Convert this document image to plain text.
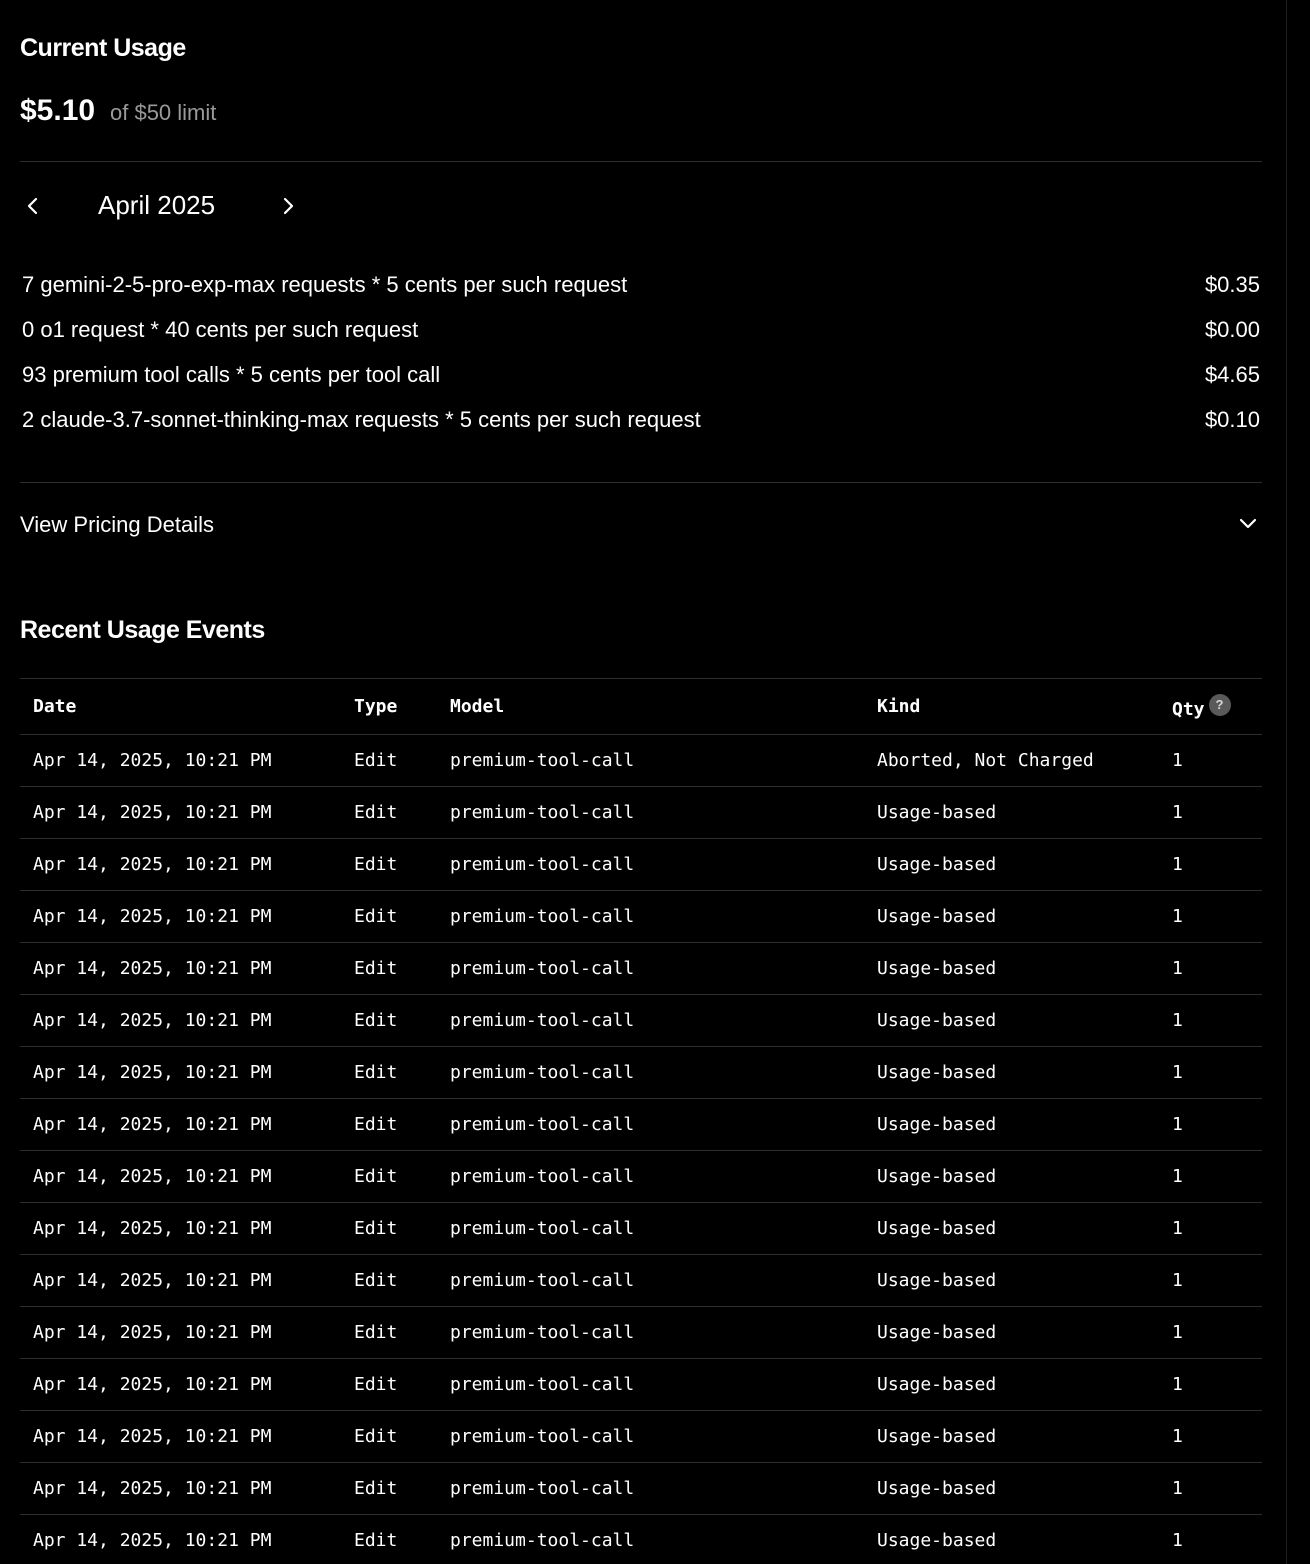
Current Usage
$5.10 of $50 limit
April 2025
7 gemini-2-5-pro-exp-max requests * 5 cents per such request	$0.35
0 o1 request * 40 cents per such request	$0.00
93 premium tool calls * 5 cents per tool call	$4.65
2 claude-3.7-sonnet-thinking-max requests * 5 cents per such request	$0.10
View Pricing Details
Recent Usage Events
Date	Type	Model	Kind	Qty ?
Apr 14, 2025, 10:21 PM	Edit	premium-tool-call	Aborted, Not Charged	1
Apr 14, 2025, 10:21 PM	Edit	premium-tool-call	Usage-based	1
Apr 14, 2025, 10:21 PM	Edit	premium-tool-call	Usage-based	1
Apr 14, 2025, 10:21 PM	Edit	premium-tool-call	Usage-based	1
Apr 14, 2025, 10:21 PM	Edit	premium-tool-call	Usage-based	1
Apr 14, 2025, 10:21 PM	Edit	premium-tool-call	Usage-based	1
Apr 14, 2025, 10:21 PM	Edit	premium-tool-call	Usage-based	1
Apr 14, 2025, 10:21 PM	Edit	premium-tool-call	Usage-based	1
Apr 14, 2025, 10:21 PM	Edit	premium-tool-call	Usage-based	1
Apr 14, 2025, 10:21 PM	Edit	premium-tool-call	Usage-based	1
Apr 14, 2025, 10:21 PM	Edit	premium-tool-call	Usage-based	1
Apr 14, 2025, 10:21 PM	Edit	premium-tool-call	Usage-based	1
Apr 14, 2025, 10:21 PM	Edit	premium-tool-call	Usage-based	1
Apr 14, 2025, 10:21 PM	Edit	premium-tool-call	Usage-based	1
Apr 14, 2025, 10:21 PM	Edit	premium-tool-call	Usage-based	1
Apr 14, 2025, 10:21 PM	Edit	premium-tool-call	Usage-based	1
